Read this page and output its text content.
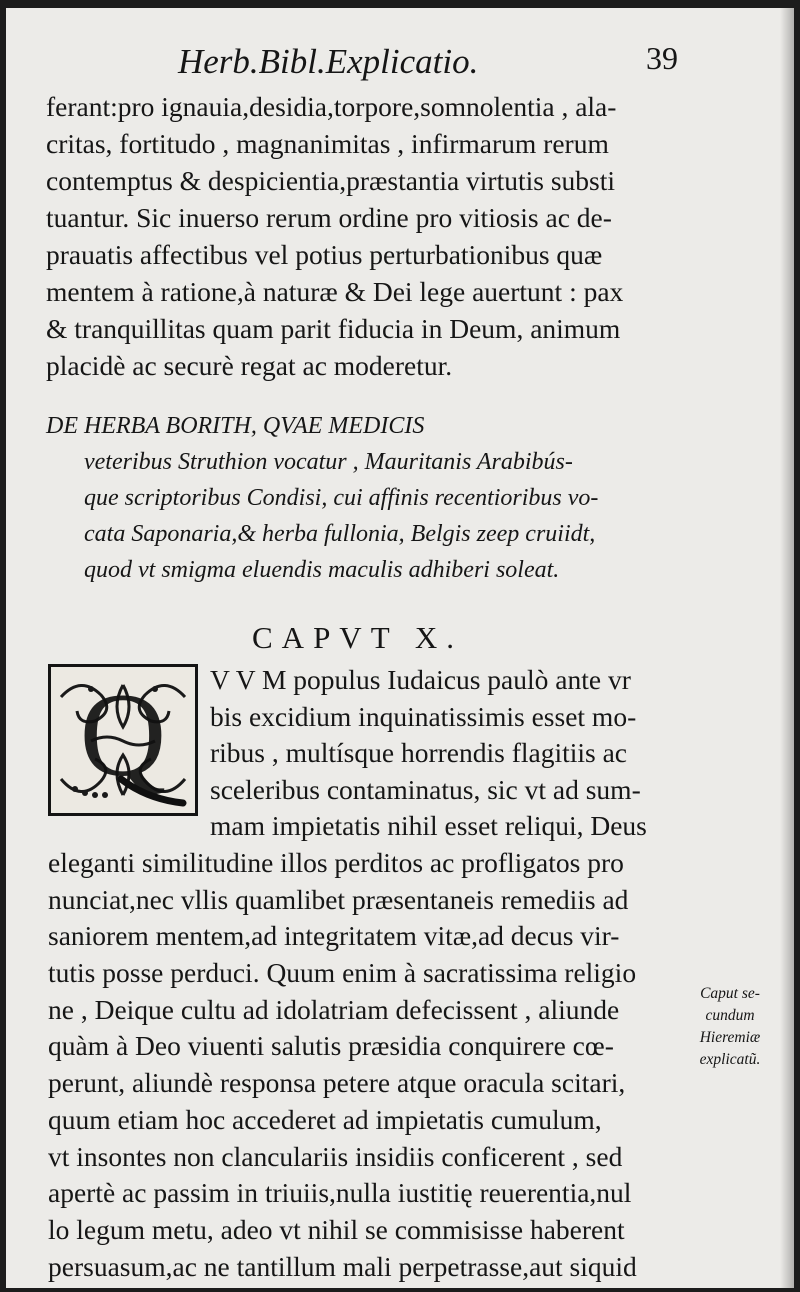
Herb.Bibl.Explicatio.	39
ferant:pro ignauia,desidia,torpore,somnolentia , ala-
critas, fortitudo , magnanimitas , infirmarum rerum
contemptus & despicientia,præstantia virtutis substi
tuantur. Sic inuerso rerum ordine pro vitiosis ac de-
prauatis affectibus vel potius perturbationibus quæ
mentem à ratione,à naturæ & Dei lege auertunt : pax
& tranquillitas quam parit fiducia in Deum, animum
placidè ac securè regat ac moderetur.
DE HERBA BORITH, QVAE MEDICIS
veteribus Struthion vocatur , Mauritanis Arabibús-
que scriptoribus Condisi, cui affinis recentioribus vo-
cata Saponaria,& herba fullonia, Belgis zeep cruiidt,
quod vt smigma eluendis maculis adhiberi soleat.
CAPVT X.
Q V V M populus Iudaicus paulò ante vr
bis excidium inquinatissimis esset mo-
ribus , multísque horrendis flagitiis ac
sceleribus contaminatus, sic vt ad sum-
mam impietatis nihil esset reliqui, Deus
eleganti similitudine illos perditos ac profligatos pro
nunciat,nec vllis quamlibet præsentaneis remediis ad
saniorem mentem,ad integritatem vitæ,ad decus vir-
tutis posse perduci. Quum enim à sacratissima religio
ne , Deique cultu ad idolatriam defecissent , aliunde
quàm à Deo viuenti salutis præsidia conquirere cœ-
perunt, aliundè responsa petere atque oracula scitari,
quum etiam hoc accederet ad impietatis cumulum,
vt insontes non clanculariis insidiis conficerent , sed
apertè ac passim in triuiis,nulla iustitię reuerentia,nul
lo legum metu, adeo vt nihil se commisisse haberent
persuasum,ac ne tantillum mali perpetrasse,aut siquid
Caput se-
cundum
Hieremiæ
explicatũ.
